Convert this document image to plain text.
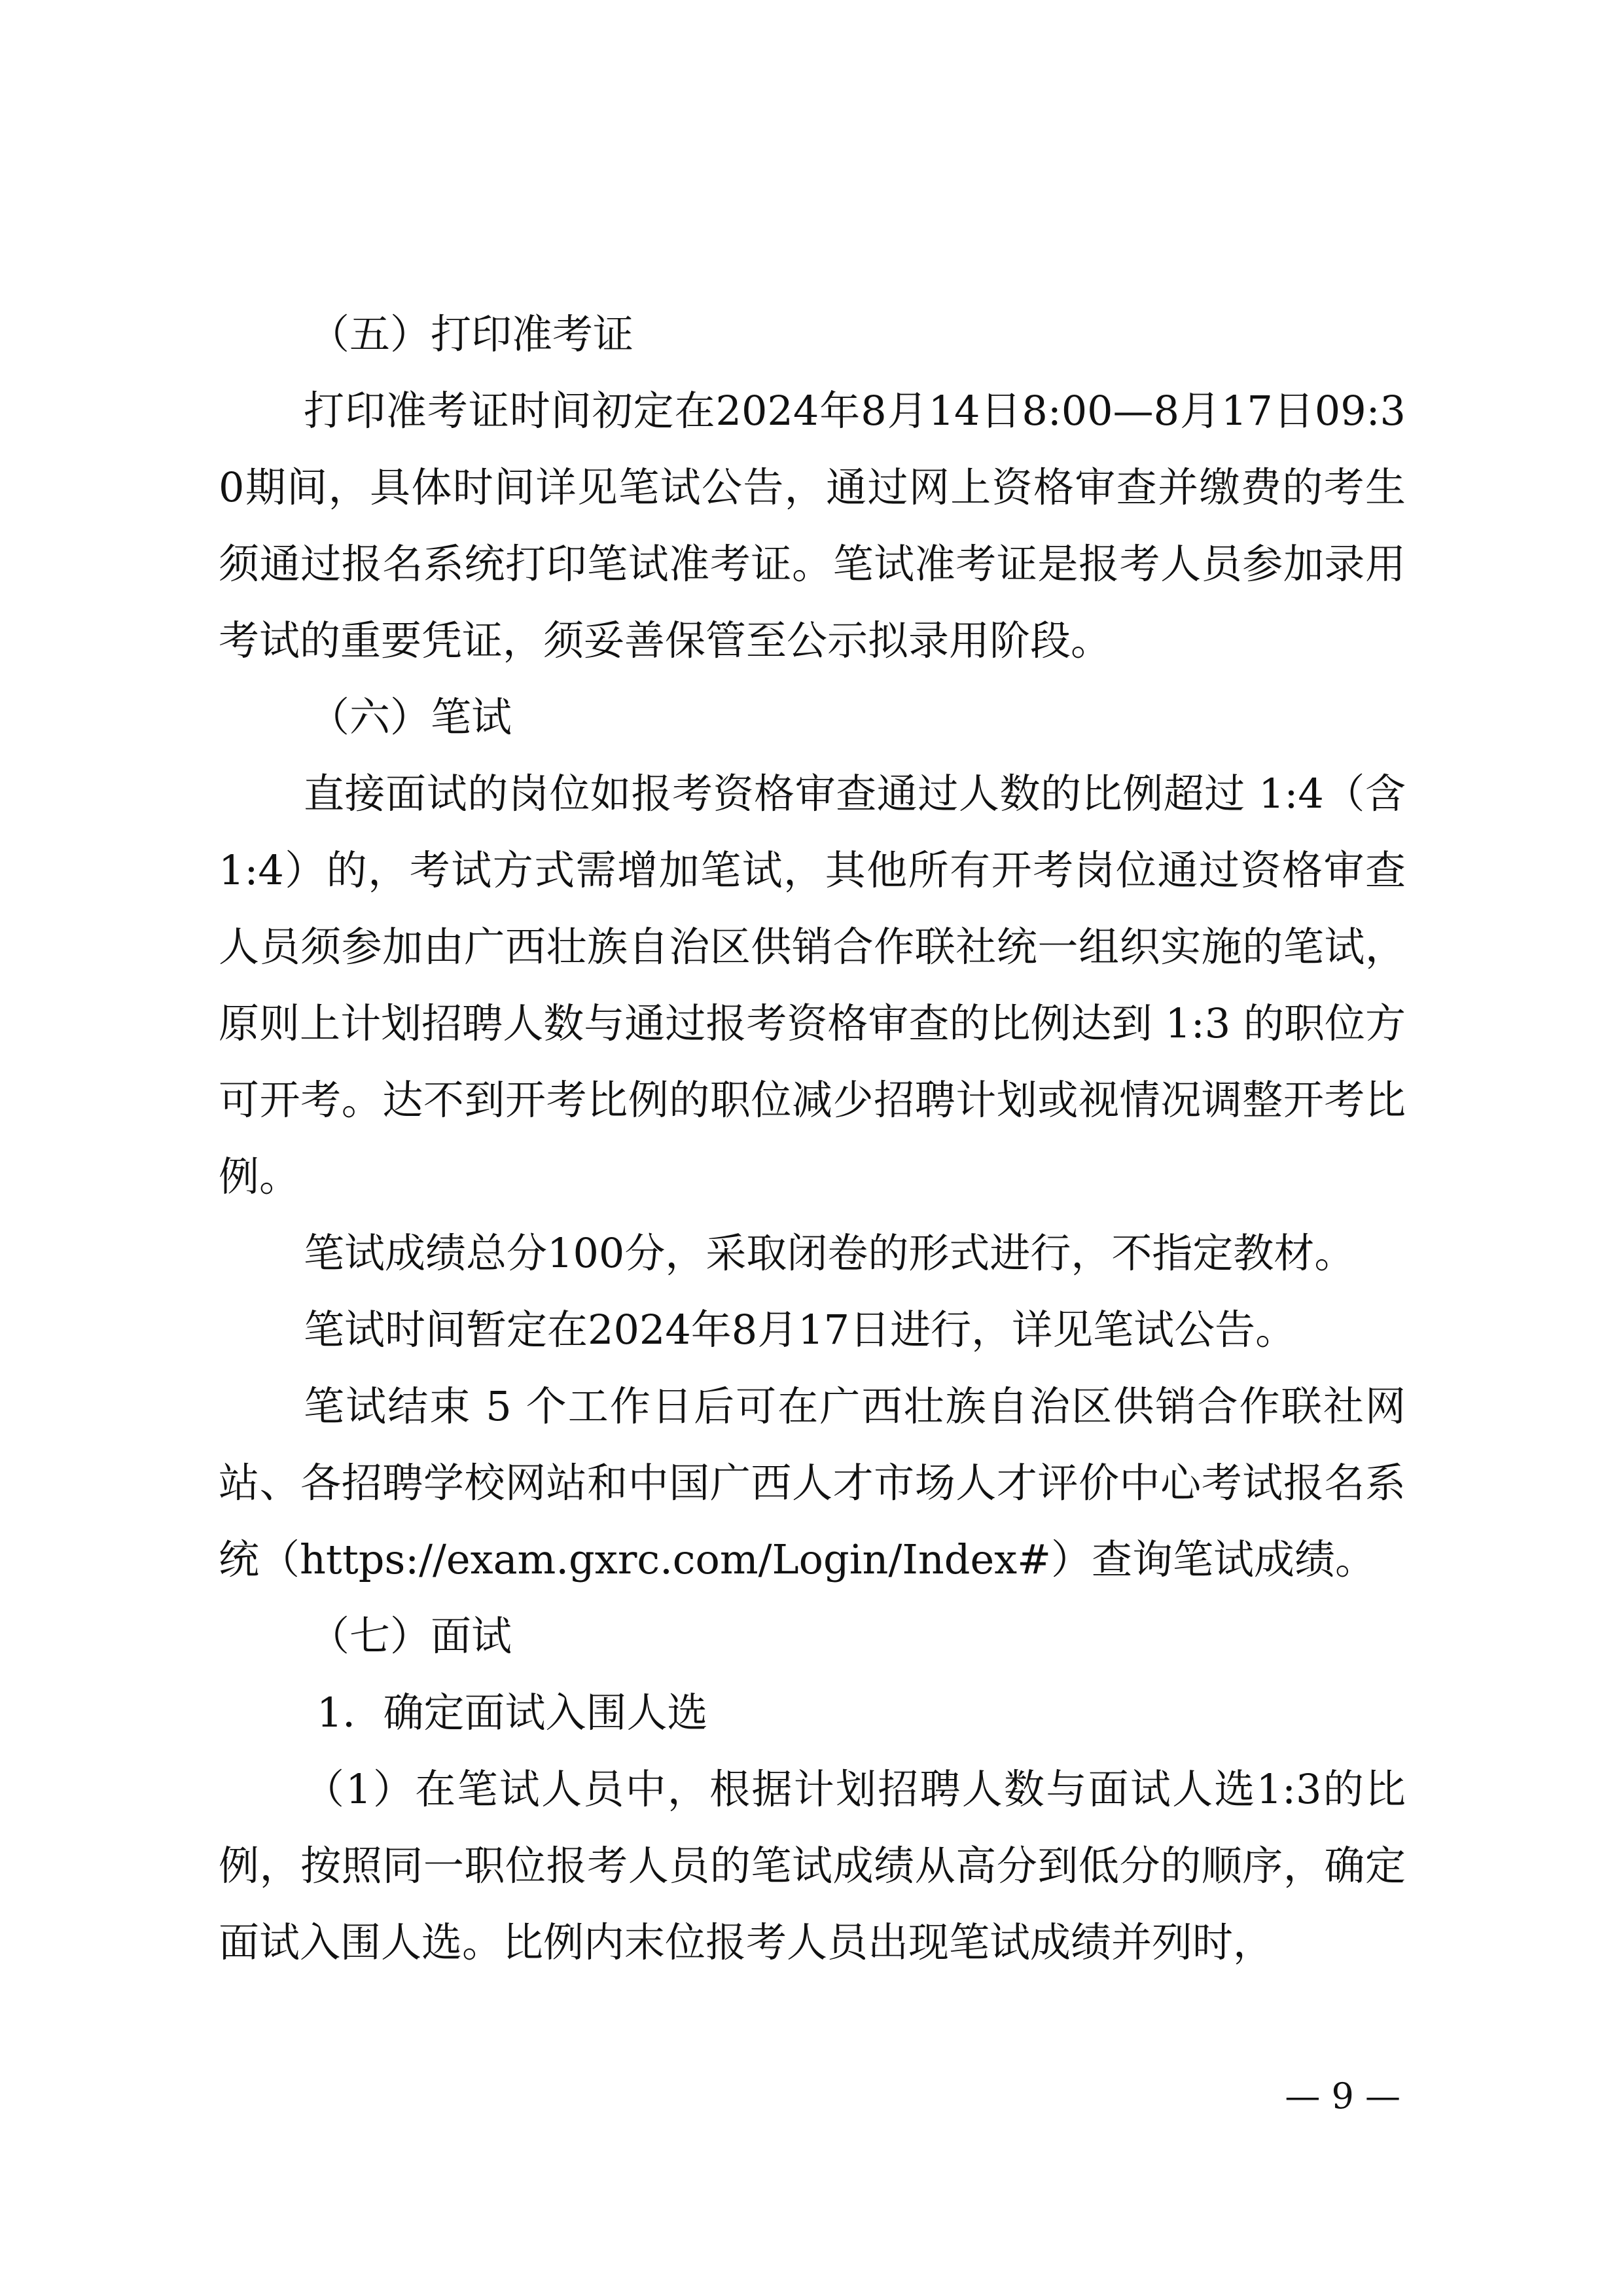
（五）打印准考证

打印准考证时间初定在2024年8月14日8:00—8月17日09:30期间，具体时间详见笔试公告，通过网上资格审查并缴费的考生须通过报名系统打印笔试准考证。笔试准考证是报考人员参加录用考试的重要凭证，须妥善保管至公示拟录用阶段。

（六）笔试

直接面试的岗位如报考资格审查通过人数的比例超过 1:4（含1:4）的，考试方式需增加笔试，其他所有开考岗位通过资格审查人员须参加由广西壮族自治区供销合作联社统一组织实施的笔试，原则上计划招聘人数与通过报考资格审查的比例达到 1:3 的职位方可开考。达不到开考比例的职位减少招聘计划或视情况调整开考比例。

笔试成绩总分100分，采取闭卷的形式进行，不指定教材。

笔试时间暂定在2024年8月17日进行，详见笔试公告。

笔试结束 5 个工作日后可在广西壮族自治区供销合作联社网站、各招聘学校网站和中国广西人才市场人才评价中心考试报名系统（https://exam.gxrc.com/Login/Index#）查询笔试成绩。

（七）面试

1．确定面试入围人选

（1）在笔试人员中，根据计划招聘人数与面试人选1:3的比例，按照同一职位报考人员的笔试成绩从高分到低分的顺序，确定面试入围人选。比例内末位报考人员出现笔试成绩并列时，

— 9 —
